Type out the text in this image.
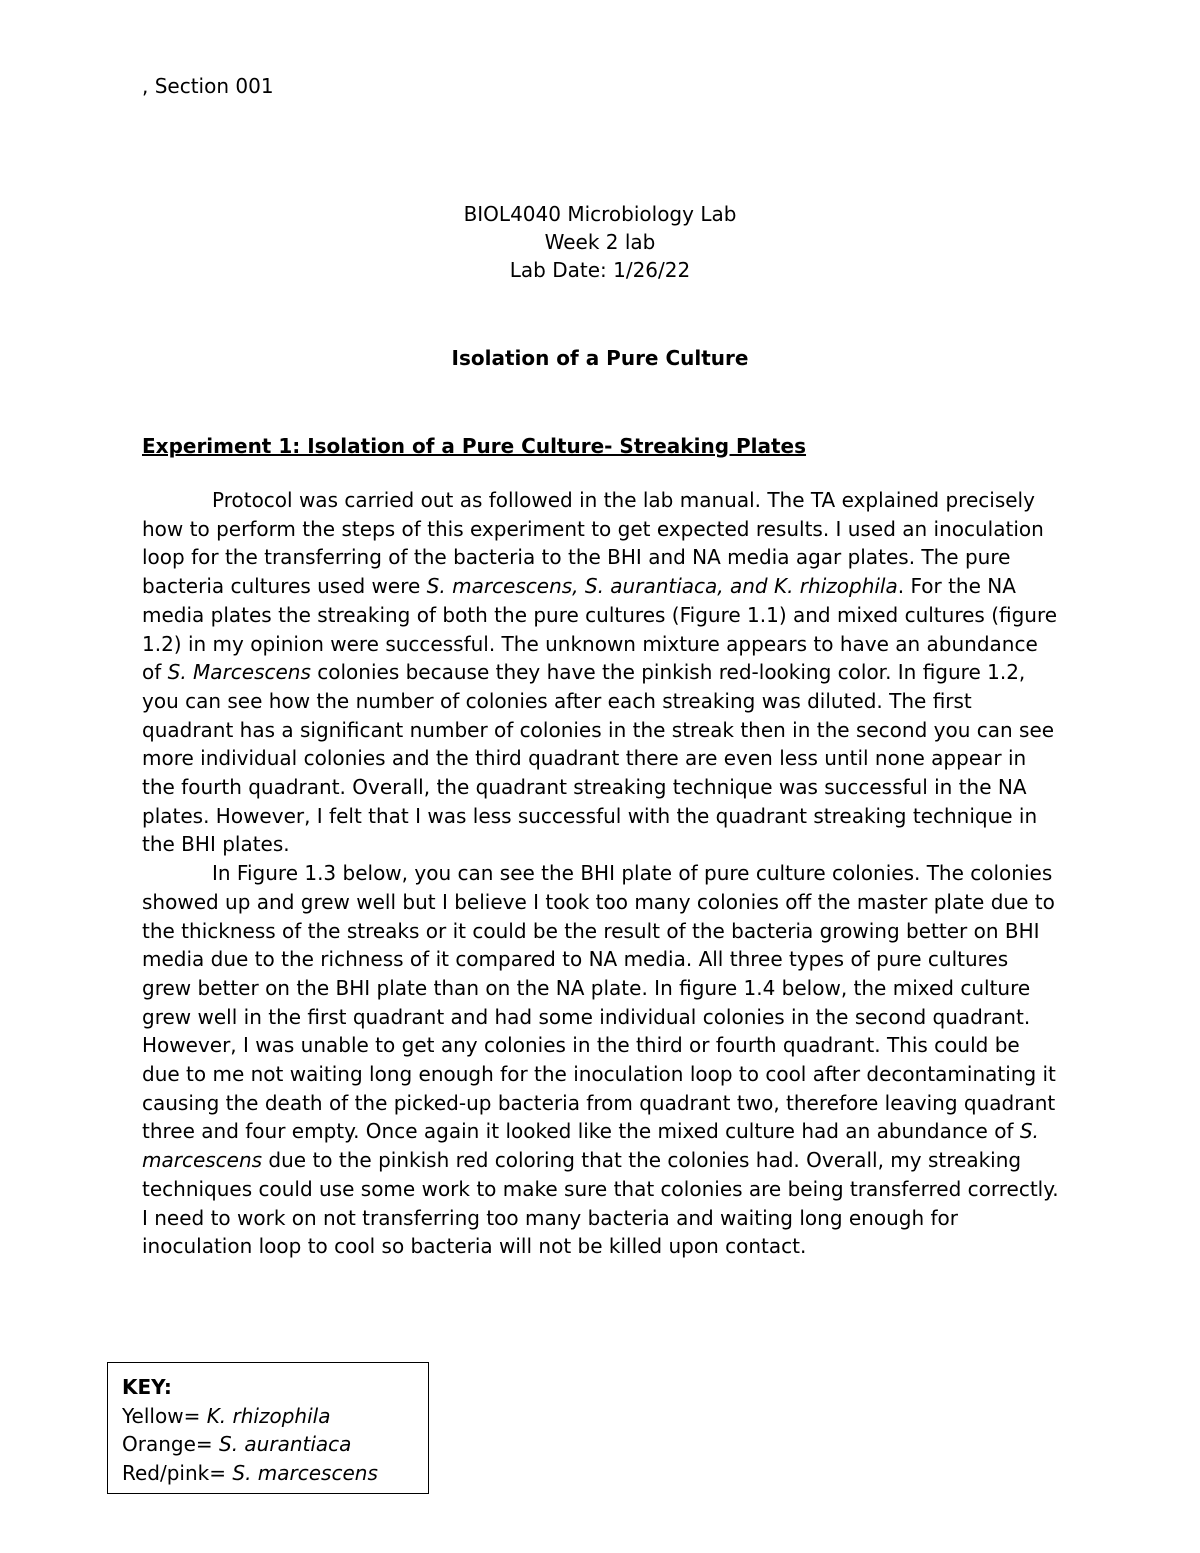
, Section 001
BIOL4040 Microbiology Lab
Week 2 lab
Lab Date: 1/26/22
Isolation of a Pure Culture
Experiment 1: Isolation of a Pure Culture- Streaking Plates

Protocol was carried out as followed in the lab manual. The TA explained precisely how to perform the steps of this experiment to get expected results. I used an inoculation loop for the transferring of the bacteria to the BHI and NA media agar plates. The pure bacteria cultures used were S. marcescens, S. aurantiaca, and K. rhizophila. For the NA media plates the streaking of both the pure cultures (Figure 1.1) and mixed cultures (figure 1.2) in my opinion were successful. The unknown mixture appears to have an abundance of S. Marcescens colonies because they have the pinkish red-looking color. In figure 1.2, you can see how the number of colonies after each streaking was diluted. The first quadrant has a significant number of colonies in the streak then in the second you can see more individual colonies and the third quadrant there are even less until none appear in the fourth quadrant. Overall, the quadrant streaking technique was successful in the NA plates. However, I felt that I was less successful with the quadrant streaking technique in the BHI plates.

In Figure 1.3 below, you can see the BHI plate of pure culture colonies. The colonies showed up and grew well but I believe I took too many colonies off the master plate due to the thickness of the streaks or it could be the result of the bacteria growing better on BHI media due to the richness of it compared to NA media. All three types of pure cultures grew better on the BHI plate than on the NA plate. In figure 1.4 below, the mixed culture grew well in the first quadrant and had some individual colonies in the second quadrant. However, I was unable to get any colonies in the third or fourth quadrant. This could be due to me not waiting long enough for the inoculation loop to cool after decontaminating it causing the death of the picked-up bacteria from quadrant two, therefore leaving quadrant three and four empty. Once again it looked like the mixed culture had an abundance of S. marcescens due to the pinkish red coloring that the colonies had. Overall, my streaking techniques could use some work to make sure that colonies are being transferred correctly. I need to work on not transferring too many bacteria and waiting long enough for inoculation loop to cool so bacteria will not be killed upon contact.

KEY:
Yellow= K. rhizophila
Orange= S. aurantiaca
Red/pink= S. marcescens
